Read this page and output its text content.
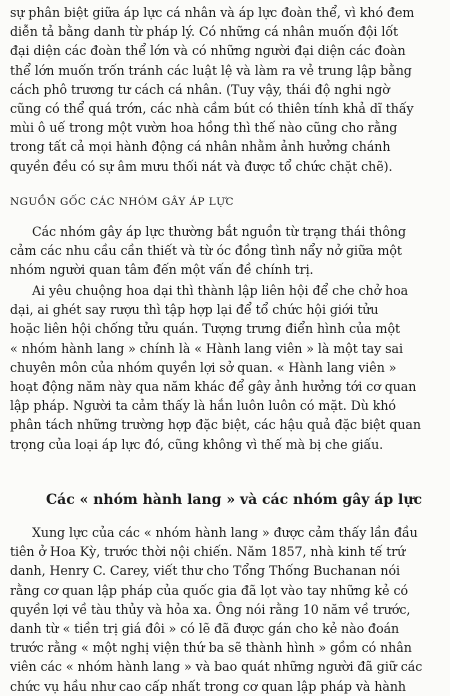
sự phân biệt giữa áp lực cá nhân và áp lực đoàn thể, vì khó đem
diễn tả bằng danh từ pháp lý. Có những cá nhân muốn đội lốt
đại diện các đoàn thể lớn và có những người đại diện các đoàn
thể lớn muốn trốn tránh các luật lệ và làm ra vẻ trung lập bằng
cách phô trương tư cách cá nhân. (Tuy vậy, thái độ nghi ngờ
cũng có thể quá trớn, các nhà cầm bút có thiên tính khả dĩ thấy
mùi ô uế trong một vườn hoa hồng thì thế nào cũng cho rằng
trong tất cả mọi hành động cá nhân nhằm ảnh hưởng chánh
quyền đều có sự âm mưu thối nát và được tổ chức chặt chẽ).
NGUỒN GỐC CÁC NHÓM GÂY ÁP LỰC
Các nhóm gây áp lực thường bắt nguồn từ trạng thái thông
cảm các nhu cầu cần thiết và từ óc đồng tình nẩy nở giữa một
nhóm người quan tâm đến một vấn đề chính trị.
Ai yêu chuộng hoa dại thì thành lập liên hội để che chở hoa
dại, ai ghét say rượu thì tập hợp lại để tổ chức hội giới tửu
hoặc liên hội chống tửu quán. Tượng trưng điển hình của một
« nhóm hành lang » chính là « Hành lang viên » là một tay sai
chuyên môn của nhóm quyền lợi sở quan. « Hành lang viên »
hoạt động năm này qua năm khác để gây ảnh hưởng tới cơ quan
lập pháp. Người ta cảm thấy là hắn luôn luôn có mặt. Dù khó
phân tách những trường hợp đặc biệt, các hậu quả đặc biệt quan
trọng của loại áp lực đó, cũng không vì thế mà bị che giấu.
Các « nhóm hành lang » và các nhóm gây áp lực
Xung lực của các « nhóm hành lang » được cảm thấy lần đầu
tiên ở Hoa Kỳ, trước thời nội chiến. Năm 1857, nhà kinh tế trứ
danh, Henry C. Carey, viết thư cho Tổng Thống Buchanan nói
rằng cơ quan lập pháp của quốc gia đã lọt vào tay những kẻ có
quyền lợi về tàu thủy và hỏa xa. Ông nói rằng 10 năm về trước,
danh từ « tiền trị giá đôi » có lẽ đã được gán cho kẻ nào đoán
trước rằng « một nghị viện thứ ba sẽ thành hình » gồm có nhân
viên các « nhóm hành lang » và bao quát những người đã giữ các
chức vụ hầu như cao cấp nhất trong cơ quan lập pháp và hành
